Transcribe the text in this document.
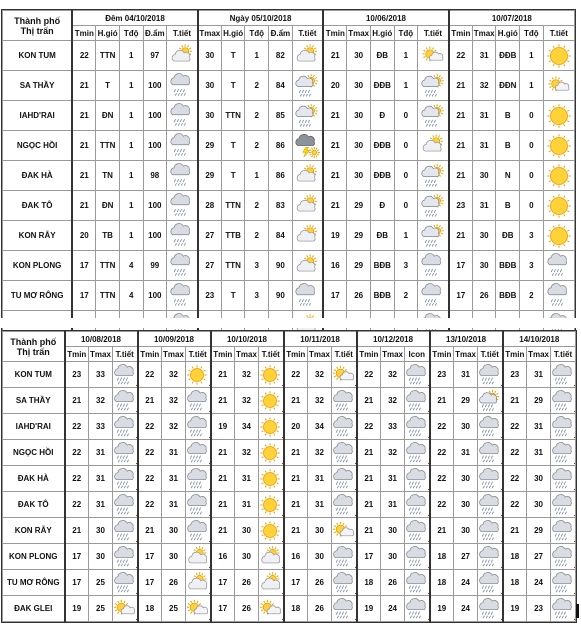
Thành phố
Thị trấn	Đêm 04/10/2018					Ngày 05/10/2018					10/06/2018					10/07/2018				
	Tmin	H.gió	Tđộ	Đ.ẩm	T.tiết	Tmax	H.gió	Tđộ	Đ.ẩm	T.tiết	Tmin	Tmax	H.gió	Tđộ	T.tiết	Tmin	Tmax	H.gió	Tđộ	T.tiết
KON TUM	22	TTN	1	97		30	T	1	82		21	30	ĐB	1		22	31	ĐĐB	1	
SA THẦY	21	T	1	100		30	T	2	84		20	30	ĐĐB	1		21	32	ĐĐN	1	
IAHD'RAI	21	ĐN	1	100		30	TTN	2	85		21	30	Đ	0		21	31	B	0	
NGỌC HỒI	21	TTN	1	100		29	T	2	86		21	30	ĐĐB	0		21	31	B	0	
ĐAK HÀ	21	TN	1	98		29	T	1	86		21	30	ĐĐB	0		21	30	N	0	
ĐAK TÔ	21	ĐN	1	100		28	TTN	2	83		21	29	Đ	0		23	31	B	0	
KON RẪY	20	TB	1	100		27	TTB	2	84		19	29	ĐB	1		21	30	ĐB	3	
KON PLONG	17	TTN	4	99		27	TTN	3	90		16	29	BĐB	3		17	30	BĐB	3	
TU MƠ RÔNG	17	TTN	4	100		23	T	3	90		17	26	BĐB	2		17	26	BĐB	2	

Thành phố
Thị trấn	10/08/2018			10/09/2018			10/10/2018			10/11/2018			10/12/2018			13/10/2018			14/10/2018		
	Tmin	Tmax	T.tiết	Tmin	Tmax	T.tiết	Tmin	Tmax	T.tiết	Tmin	Tmax	T.tiết	Tmin	Tmax	Icon	Tmin	Tmax	T.tiết	Tmin	Tmax	T.tiết
KON TUM	23	33		22	32		21	32		22	32		22	32		23	31		23	31	
SA THẦY	21	32		21	32		21	32		21	32		21	32		21	29		21	29	
IAHD'RAI	22	33		22	32		19	34		20	34		22	33		22	30		22	31	
NGỌC HỒI	22	31		22	31		21	32		21	32		21	32		22	31		22	31	
ĐAK HÀ	22	31		22	31		21	31		21	31		21	31		22	30		22	30	
ĐAK TÔ	22	31		22	31		21	31		21	31		21	31		22	30		22	30	
KON RẪY	21	30		21	30		21	30		21	30		21	30		21	30		21	29	
KON PLONG	17	30		17	30		16	30		16	30		17	30		18	27		18	27	
TU MƠ RÔNG	17	25		17	26		17	26		17	26		18	26		18	24		18	24	
ĐAK GLEI	19	25		18	25		17	26		18	26		19	24		19	24		19	23	
